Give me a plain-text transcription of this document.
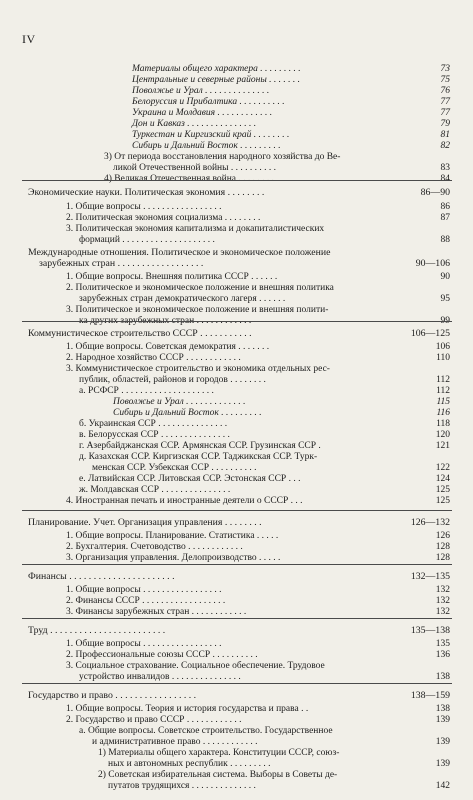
IV
Материалы общего характера . . . . . . . . .	73
Центральные и северные районы . . . . . . .	75
Поволжье и Урал . . . . . . . . . . . . . .	76
Белоруссия и Прибалтика . . . . . . . . . .	77
Украина и Молдавия . . . . . . . . . . . .	77
Дон и Кавказ . . . . . . . . . . . . . . .	79
Туркестан и Киргизский край . . . . . . . .	81
Сибирь и Дальний Восток . . . . . . . . .	82
3) От периода восстановления народного хозяйства до Ве-
ликой Отечественной войны . . . . . . . . . .	83
4) Великая Отечественная война . . . . . . . .	84
Экономические науки. Политическая экономия . . . . . . . .	86—90
1. Общие вопросы . . . . . . . . . . . . . . . . .	86
2. Политическая экономия социализма . . . . . . . .	87
3. Политическая экономия капитализма и докапиталистических
формаций . . . . . . . . . . . . . . . . . . . .	88
Международные отношения. Политическое и экономическое положение
зарубежных стран . . . . . . . . . . . . . . . . . .	90—106
1. Общие вопросы. Внешняя политика СССР . . . . . .	90
2. Политическое и экономическое положение и внешняя политика
зарубежных стран демократического лагеря . . . . . .	95
3. Политическое и экономическое положение и внешняя полити-
ка других зарубежных стран . . . . . . . . . . . .	99
Коммунистическое строительство СССР . . . . . . . . . . .	106—125
1. Общие вопросы. Советская демократия . . . . . . .	106
2. Народное хозяйство СССР . . . . . . . . . . . .	110
3. Коммунистическое строительство и экономика отдельных рес-
публик, областей, районов и городов . . . . . . . .	112
а. РСФСР . . . . . . . . . . . . . . . . . . . .	112
Поволжье и Урал . . . . . . . . . . . . .	115
Сибирь и Дальний Восток . . . . . . . . .	116
б. Украинская ССР . . . . . . . . . . . . . . .	118
в. Белорусская ССР . . . . . . . . . . . . . . .	120
г. Азербайджанская ССР. Армянская ССР. Грузинская ССР .	121
д. Казахская ССР. Киргизская ССР. Таджикская ССР. Турк-
менская ССР. Узбекская ССР . . . . . . . . . .	122
е. Латвийская ССР. Литовская ССР. Эстонская ССР . . .	124
ж. Молдавская ССР . . . . . . . . . . . . . . .	125
4. Иностранная печать и иностранные деятели о СССР . . .	125
Планирование. Учет. Организация управления . . . . . . . .	126—132
1. Общие вопросы. Планирование. Статистика . . . . .	126
2. Бухгалтерия. Счетоводство . . . . . . . . . . . .	128
3. Организация управления. Делопроизводство . . . . .	128
Финансы . . . . . . . . . . . . . . . . . . . . . .	132—135
1. Общие вопросы . . . . . . . . . . . . . . . . .	132
2. Финансы СССР . . . . . . . . . . . . . . . . . .	132
3. Финансы зарубежных стран . . . . . . . . . . . .	132
Труд . . . . . . . . . . . . . . . . . . . . . . . .	135—138
1. Общие вопросы . . . . . . . . . . . . . . . . .	135
2. Профессиональные союзы СССР . . . . . . . . . .	136
3. Социальное страхование. Социальное обеспечение. Трудовое
устройство инвалидов . . . . . . . . . . . . . . .	138
Государство и право . . . . . . . . . . . . . . . . .	138—159
1. Общие вопросы. Теория и история государства и права . .	138
2. Государство и право СССР . . . . . . . . . . . .	139
а. Общие вопросы. Советское строительство. Государственное
и административное право . . . . . . . . . . . .	139
1) Материалы общего характера. Конституции СССР, союз-
ных и автономных республик . . . . . . . . .	139
2) Советская избирательная система. Выборы в Советы де-
путатов трудящихся . . . . . . . . . . . . . .	142
